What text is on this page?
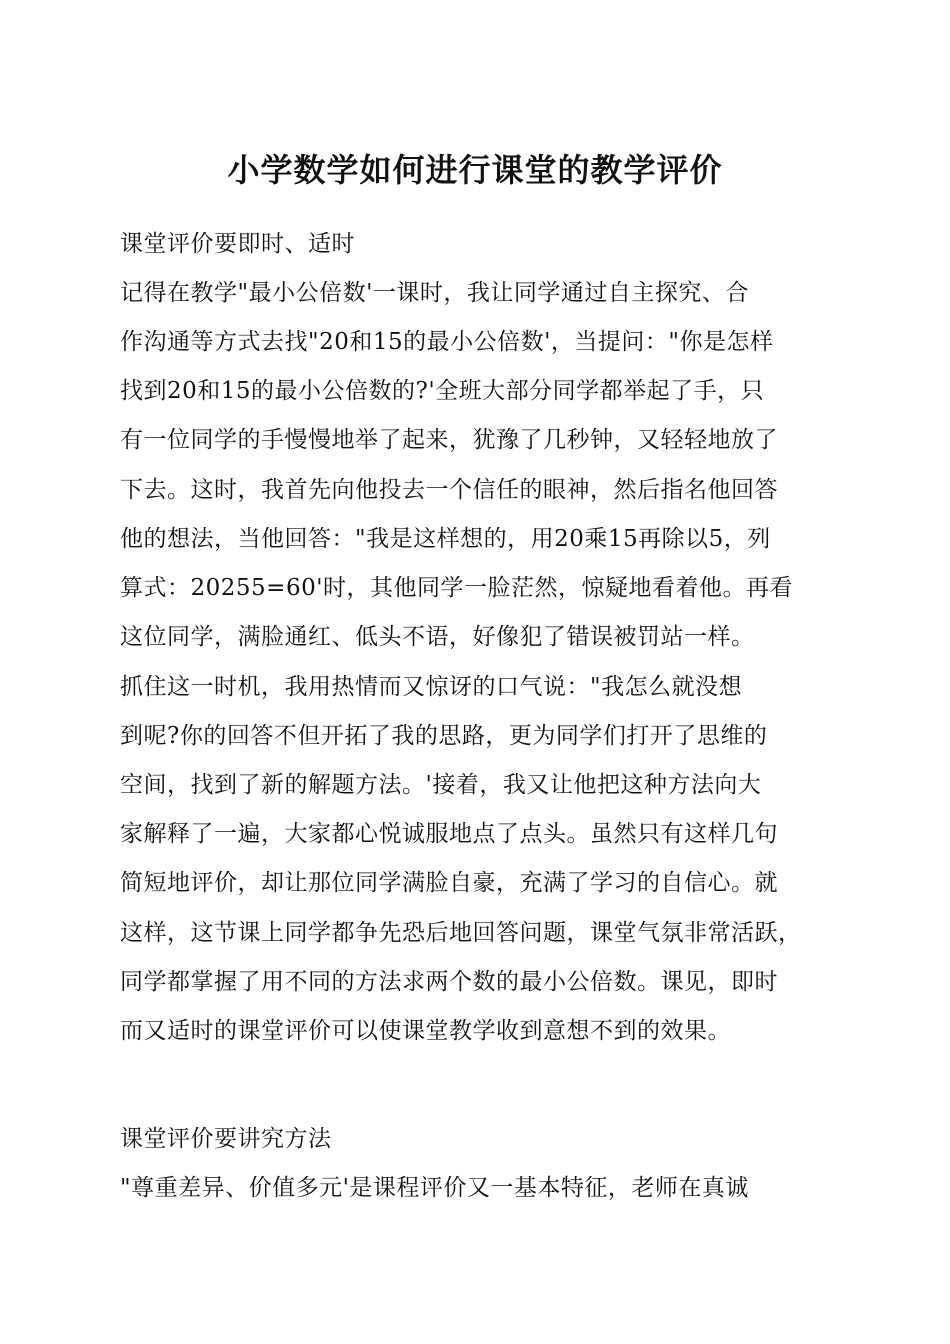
小学数学如何进行课堂的教学评价
课堂评价要即时、适时
记得在教学"最小公倍数'一课时，我让同学通过自主探究、合
作沟通等方式去找"20和15的最小公倍数'，当提问："你是怎样
找到20和15的最小公倍数的?'全班大部分同学都举起了手，只
有一位同学的手慢慢地举了起来，犹豫了几秒钟，又轻轻地放了
下去。这时，我首先向他投去一个信任的眼神，然后指名他回答
他的想法，当他回答："我是这样想的，用20乘15再除以5，列
算式：20255=60'时，其他同学一脸茫然，惊疑地看着他。再看
这位同学，满脸通红、低头不语，好像犯了错误被罚站一样。
抓住这一时机，我用热情而又惊讶的口气说："我怎么就没想
到呢?你的回答不但开拓了我的思路，更为同学们打开了思维的
空间，找到了新的解题方法。'接着，我又让他把这种方法向大
家解释了一遍，大家都心悦诚服地点了点头。虽然只有这样几句
简短地评价，却让那位同学满脸自豪，充满了学习的自信心。就
这样，这节课上同学都争先恐后地回答问题，课堂气氛非常活跃，
同学都掌握了用不同的方法求两个数的最小公倍数。课见，即时
而又适时的课堂评价可以使课堂教学收到意想不到的效果。
课堂评价要讲究方法
"尊重差异、价值多元'是课程评价又一基本特征，老师在真诚
